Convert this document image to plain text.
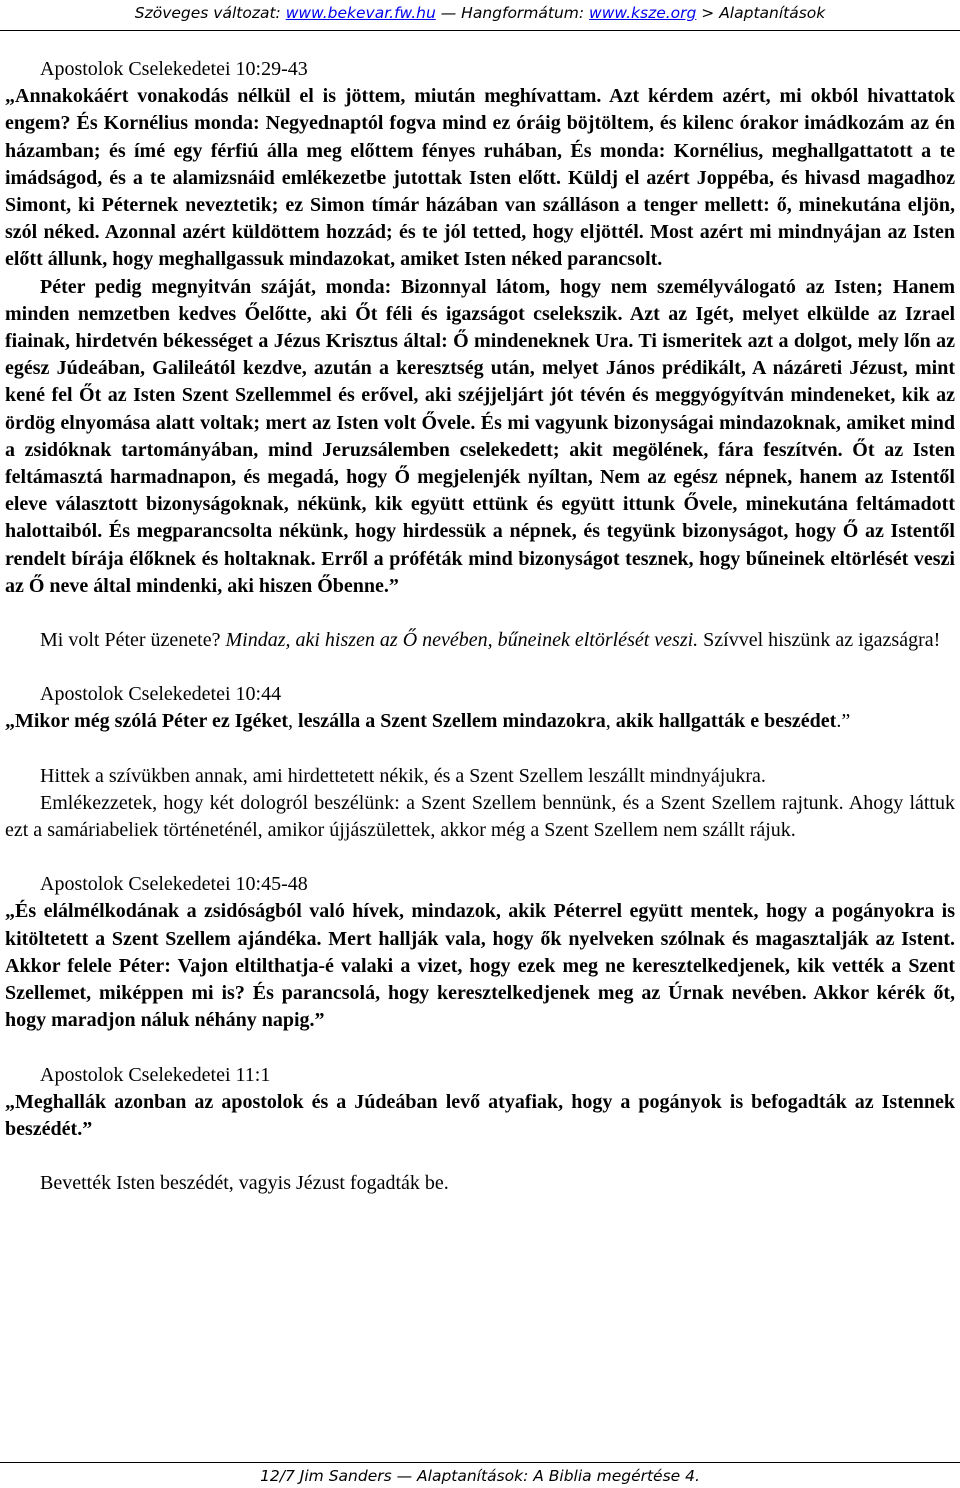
Szöveges változat: www.bekevar.fw.hu — Hangformátum: www.ksze.org > Alaptanítások

Apostolok Cselekedetei 10:29-43

„Annakokáért vonakodás nélkül el is jöttem, miután meghívattam. Azt kérdem azért, mi okból hivattatok engem? És Kornélius monda: Negyednaptól fogva mind ez óráig böjtöltem, és kilenc órakor imádkozám az én házamban; és ímé egy férfiú álla meg előttem fényes ruhában, És monda: Kornélius, meghallgattatott a te imádságod, és a te alamizsnáid emlékezetbe jutottak Isten előtt. Küldj el azért Joppéba, és hivasd magadhoz Simont, ki Péternek neveztetik; ez Simon tímár házában van szálláson a tenger mellett: ő, minekutána eljön, szól néked. Azonnal azért küldöttem hozzád; és te jól tetted, hogy eljöttél. Most azért mi mindnyájan az Isten előtt állunk, hogy meghallgassuk mindazokat, amiket Isten néked parancsolt.

Péter pedig megnyitván száját, monda: Bizonnyal látom, hogy nem személyválogató az Isten; Hanem minden nemzetben kedves Őelőtte, aki Őt féli és igazságot cselekszik. Azt az Igét, melyet elkülde az Izrael fiainak, hirdetvén békességet a Jézus Krisztus által: Ő mindeneknek Ura. Ti ismeritek azt a dolgot, mely lőn az egész Júdeában, Galileától kezdve, azután a keresztség után, melyet János prédikált, A názáreti Jézust, mint kené fel Őt az Isten Szent Szellemmel és erővel, aki széjjeljárt jót tévén és meggyógyítván mindeneket, kik az ördög elnyomása alatt voltak; mert az Isten volt Ővele. És mi vagyunk bizonyságai mindazoknak, amiket mind a zsidóknak tartományában, mind Jeruzsálemben cselekedett; akit megölének, fára feszítvén. Őt az Isten feltámasztá harmadnapon, és megadá, hogy Ő megjelenjék nyíltan, Nem az egész népnek, hanem az Istentől eleve választott bizonyságoknak, nékünk, kik együtt ettünk és együtt ittunk Ővele, minekutána feltámadott halottaiból. És megparancsolta nékünk, hogy hirdessük a népnek, és tegyünk bizonyságot, hogy Ő az Istentől rendelt bírája élőknek és holtaknak. Erről a próféták mind bizonyságot tesznek, hogy bűneinek eltörlését veszi az Ő neve által mindenki, aki hiszen Őbenne.”

Mi volt Péter üzenete? Mindaz, aki hiszen az Ő nevében, bűneinek eltörlését veszi. Szívvel hiszünk az igazságra!

Apostolok Cselekedetei 10:44

„Mikor még szólá Péter ez Igéket, leszálla a Szent Szellem mindazokra, akik hallgatták e beszédet.”

Hittek a szívükben annak, ami hirdettetett nékik, és a Szent Szellem leszállt mindnyájukra.

Emlékezzetek, hogy két dologról beszélünk: a Szent Szellem bennünk, és a Szent Szellem rajtunk. Ahogy láttuk ezt a samáriabeliek történeténél, amikor újjászülettek, akkor még a Szent Szellem nem szállt rájuk.

Apostolok Cselekedetei 10:45-48

„És elálmélkodának a zsidóságból való hívek, mindazok, akik Péterrel együtt mentek, hogy a pogányokra is kitöltetett a Szent Szellem ajándéka. Mert hallják vala, hogy ők nyelveken szólnak és magasztalják az Istent. Akkor felele Péter: Vajon eltilthatja-é valaki a vizet, hogy ezek meg ne keresztelkedjenek, kik vették a Szent Szellemet, miképpen mi is? És parancsolá, hogy keresztelkedjenek meg az Úrnak nevében. Akkor kérék őt, hogy maradjon náluk néhány napig.”

Apostolok Cselekedetei 11:1

„Meghallák azonban az apostolok és a Júdeában levő atyafiak, hogy a pogányok is befogadták az Istennek beszédét.”

Bevették Isten beszédét, vagyis Jézust fogadták be.

12/7 Jim Sanders — Alaptanítások: A Biblia megértése 4.
